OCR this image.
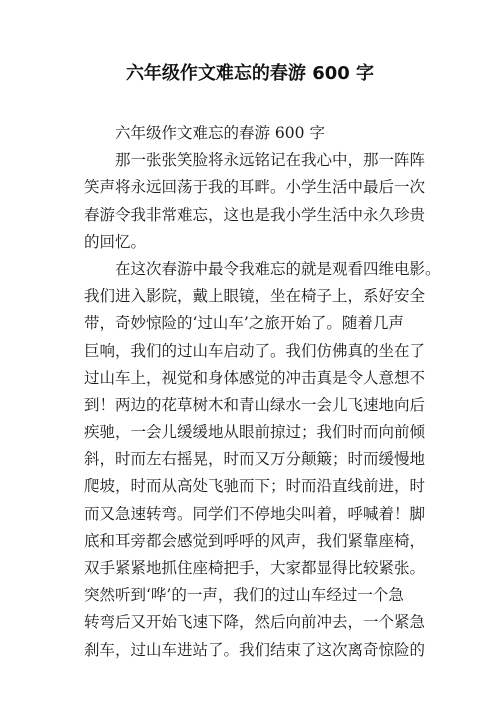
六年级作文难忘的春游 600 字
六年级作文难忘的春游 600 字
那一张张笑脸将永远铭记在我心中，那一阵阵
笑声将永远回荡于我的耳畔。小学生活中最后一次
春游令我非常难忘，这也是我小学生活中永久珍贵
的回忆。
在这次春游中最令我难忘的就是观看四维电影。
我们进入影院，戴上眼镜，坐在椅子上，系好安全
带，奇妙惊险的‘过山车’之旅开始了。随着几声
巨响，我们的过山车启动了。我们仿佛真的坐在了
过山车上，视觉和身体感觉的冲击真是令人意想不
到！两边的花草树木和青山绿水一会儿飞速地向后
疾驰，一会儿缓缓地从眼前掠过；我们时而向前倾
斜，时而左右摇晃，时而又万分颠簸；时而缓慢地
爬坡，时而从高处飞驰而下；时而沿直线前进，时
而又急速转弯。同学们不停地尖叫着，呼喊着！脚
底和耳旁都会感觉到呼呼的风声，我们紧靠座椅，
双手紧紧地抓住座椅把手，大家都显得比较紧张。
突然听到‘哗’的一声，我们的过山车经过一个急
转弯后又开始飞速下降，然后向前冲去，一个紧急
刹车，过山车进站了。我们结束了这次离奇惊险的
